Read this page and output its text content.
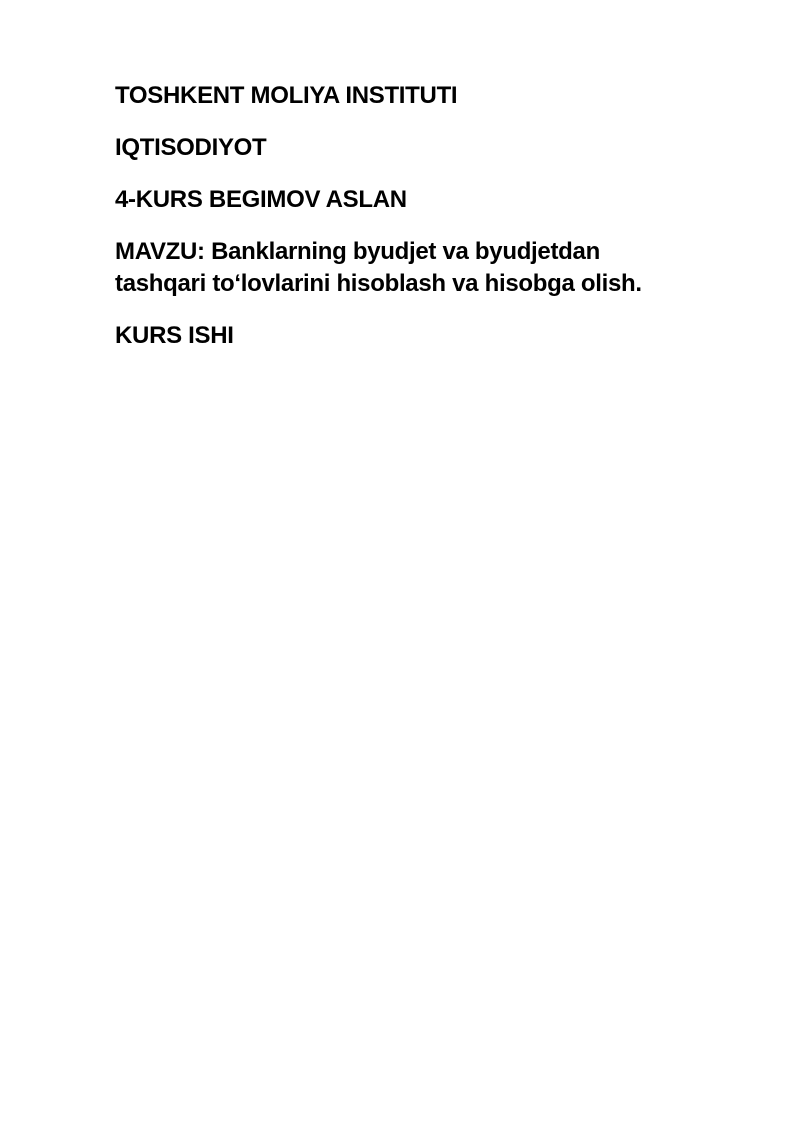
TOSHKENT MOLIYA INSTITUTI
IQTISODIYOT
4-KURS BEGIMOV ASLAN
MAVZU: Banklarning byudjet va byudjetdan
tashqari to‘lovlarini hisoblash va hisobga olish.
KURS ISHI
